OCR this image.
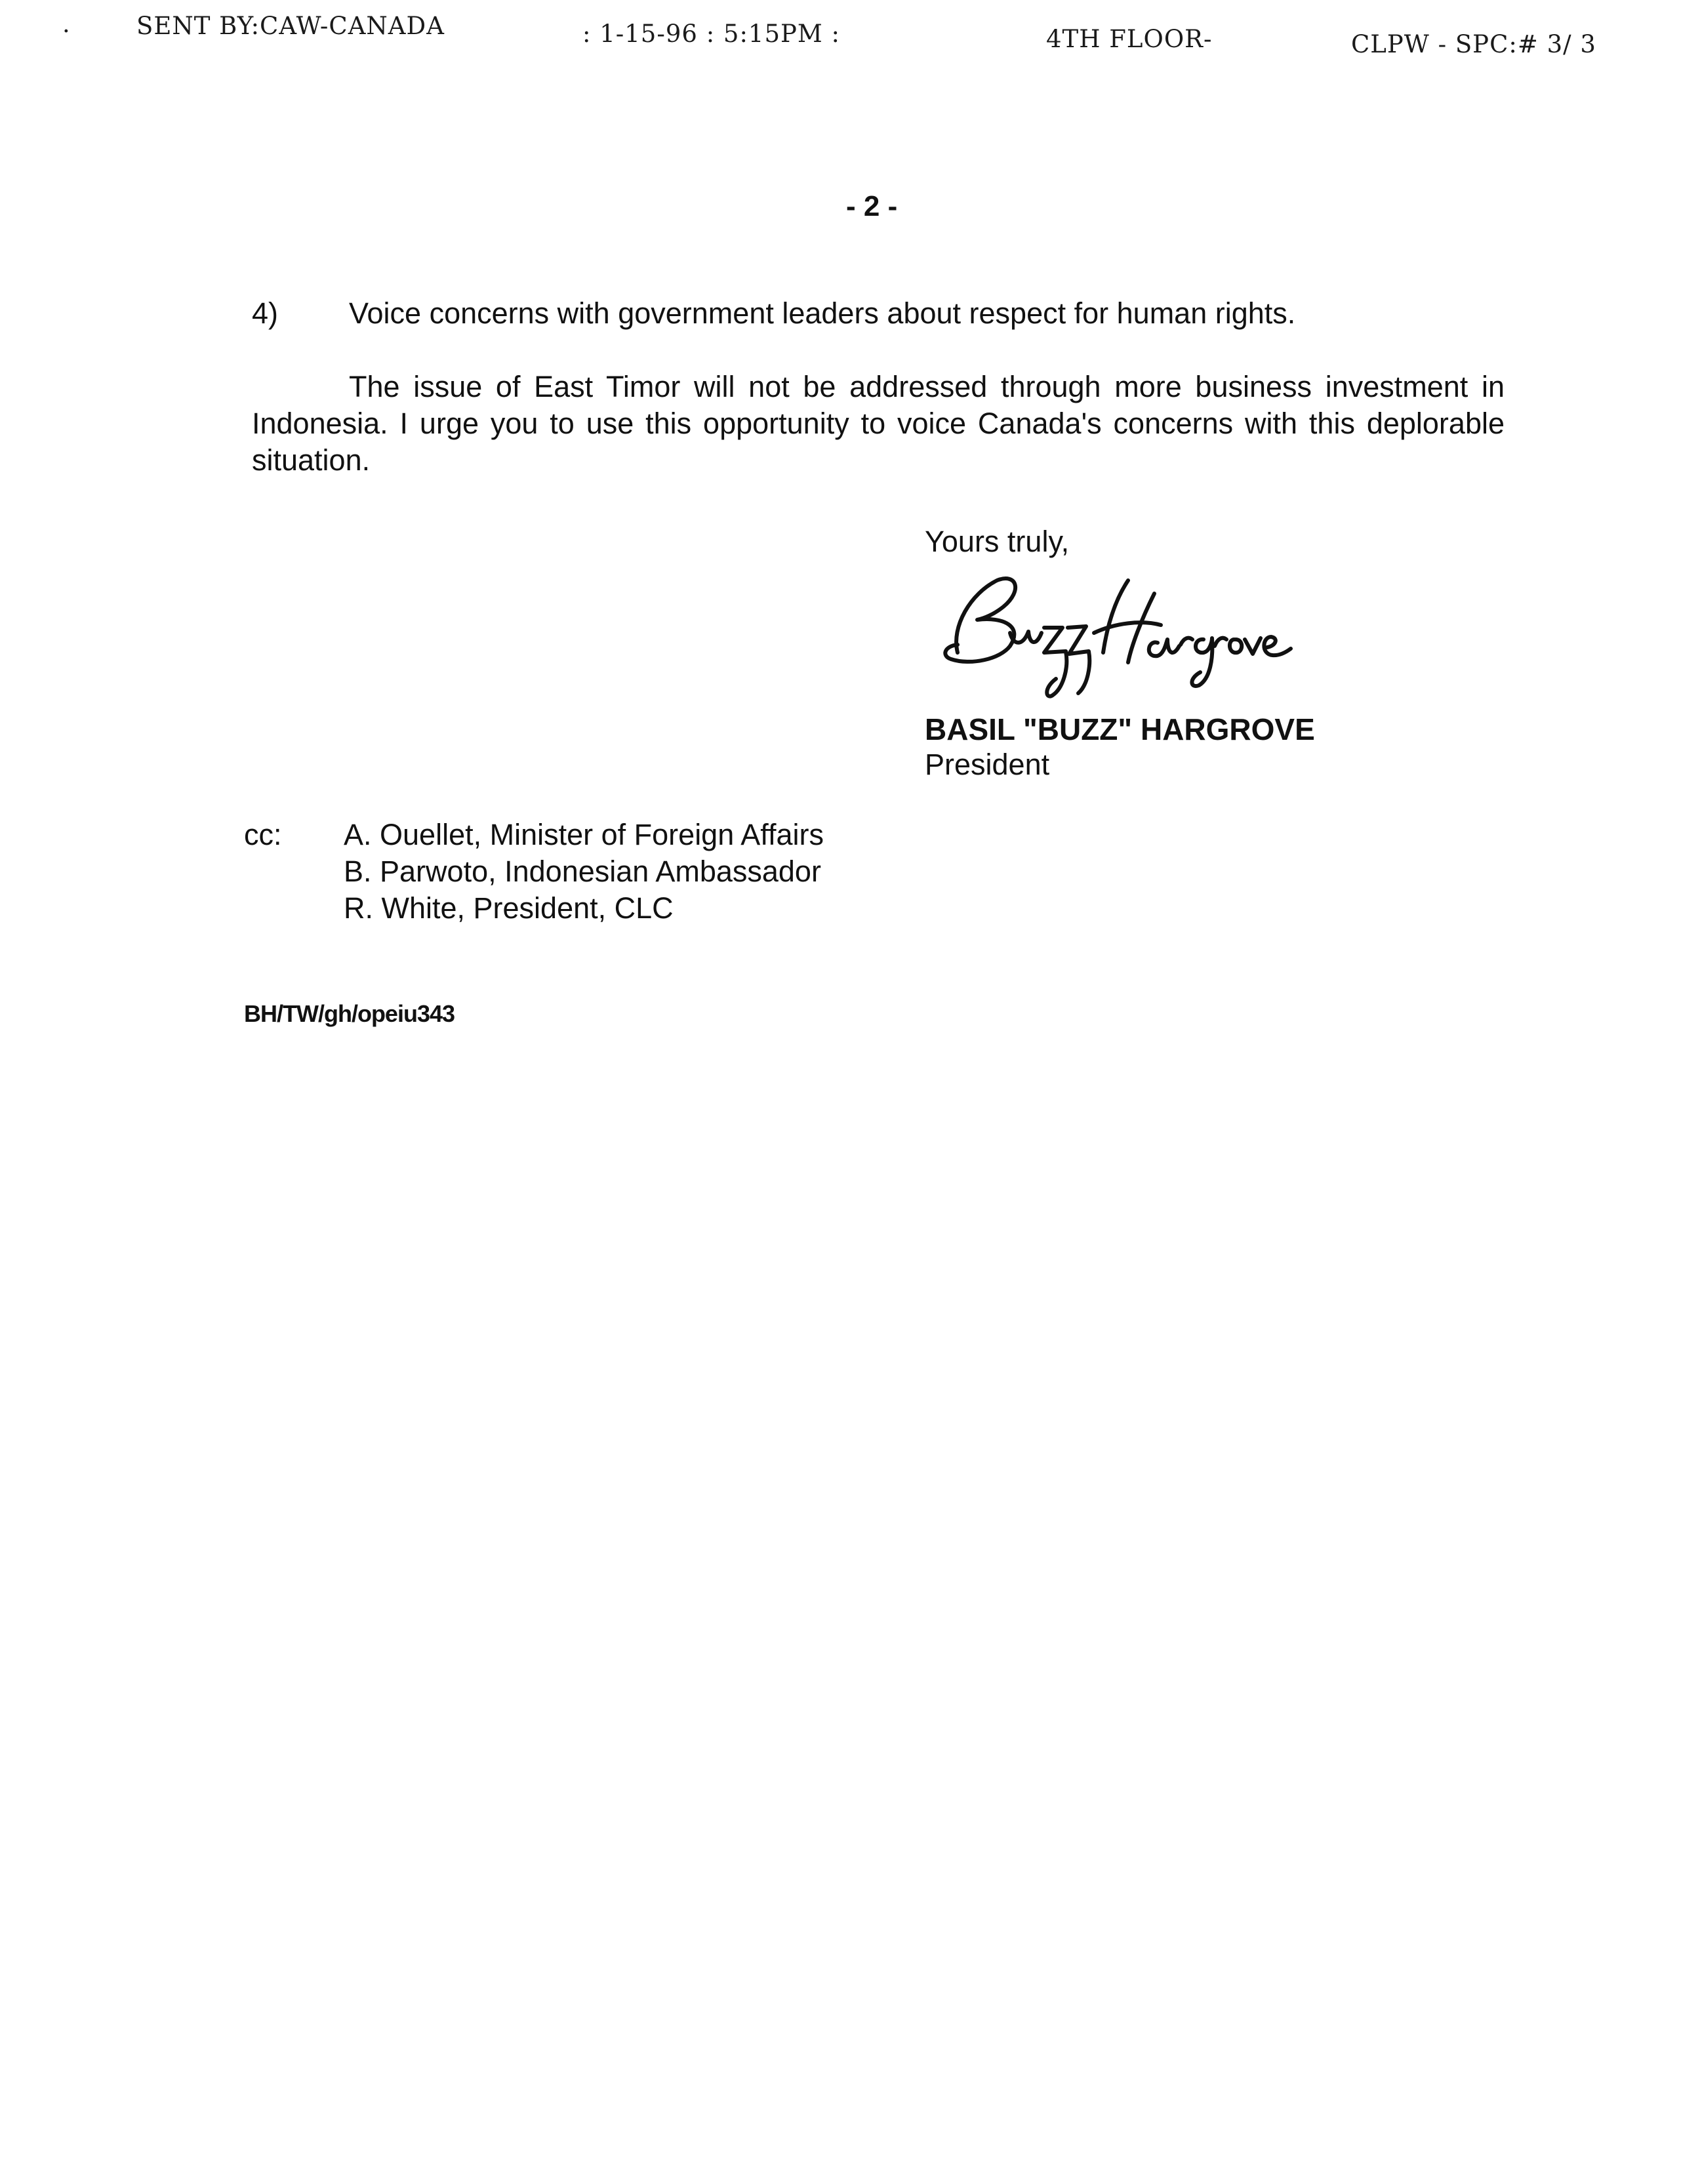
·	SENT BY:CAW-CANADA	: 1-15-96 : 5:15PM :	4TH FLOOR-	CLPW - SPC:# 3/ 3
- 2 -
4) Voice concerns with government leaders about respect for human rights.
The issue of East Timor will not be addressed through more business investment in Indonesia. I urge you to use this opportunity to voice Canada's concerns with this deplorable situation.
Yours truly,
BASIL "BUZZ" HARGROVE
President
cc: A. Ouellet, Minister of Foreign Affairs
B. Parwoto, Indonesian Ambassador
R. White, President, CLC
BH/TW/gh/opeiu343
